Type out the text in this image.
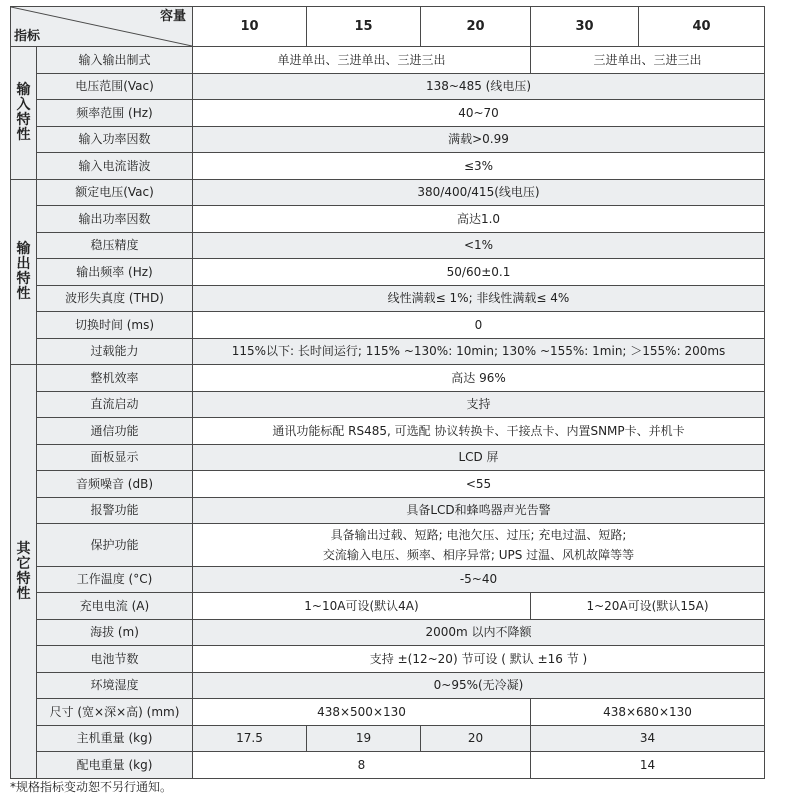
容量
指标		10	15	20	30	40
输入特性	输入输出制式	单进单出、三进单出、三进三出			三进单出、三进三出	
	电压范围(Vac)	138~485 (线电压)				
	频率范围 (Hz)	40~70				
	输入功率因数	满载>0.99				
	输入电流谐波	≤3%				
输出特性	额定电压(Vac)	380/400/415(线电压)				
	输出功率因数	高达1.0				
	稳压精度	<1%				
	输出频率 (Hz)	50/60±0.1				
	波形失真度 (THD)	线性满载≤ 1%; 非线性满载≤ 4%				
	切换时间 (ms)	0				
	过载能力	115%以下: 长时间运行; 115% ~130%: 10min; 130% ~155%: 1min; ＞155%: 200ms				
其它特性	整机效率	高达 96%				
	直流启动	支持				
	通信功能	通讯功能标配 RS485, 可选配 协议转换卡、干接点卡、内置SNMP卡、并机卡				
	面板显示	LCD 屏				
	音频噪音 (dB)	<55				
	报警功能	具备LCD和蜂鸣器声光告警				
	保护功能	具备输出过载、短路; 电池欠压、过压; 充电过温、短路;
交流输入电压、频率、相序异常; UPS 过温、风机故障等等				

	工作温度 (°C)	-5~40				
	充电电流 (A)	1~10A可设(默认4A)			1~20A可设(默认15A)	
	海拔 (m)	2000m 以内不降额				
	电池节数	支持 ±(12~20) 节可设 ( 默认 ±16 节 )				
	环境湿度	0~95%(无冷凝)				
	尺寸 (宽×深×高) (mm)	438×500×130			438×680×130	
	主机重量 (kg)	17.5	19	20	34	
	配电重量 (kg)	8			14	
*规格指标变动恕不另行通知。
